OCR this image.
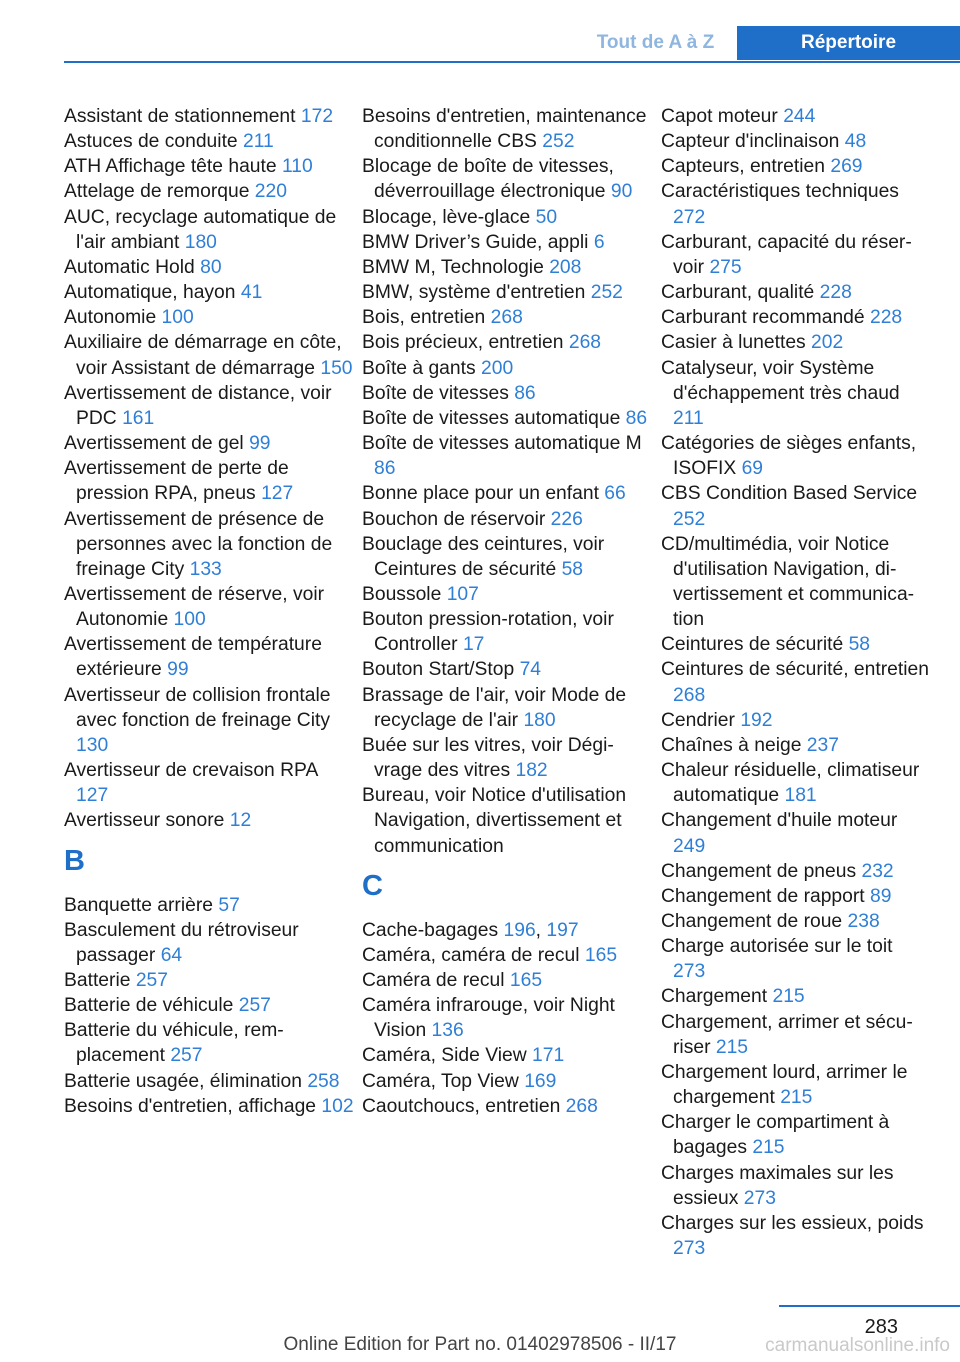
Tout de A à Z	Répertoire
Assistant de stationnement 172
Astuces de conduite 211
ATH Affichage tête haute 110
Attelage de remorque 220
AUC, recyclage automatique de l'air ambiant 180
Automatic Hold 80
Automatique, hayon 41
Autonomie 100
Auxiliaire de démarrage en côte, voir Assistant de démarrage 150
Avertissement de distance, voir PDC 161
Avertissement de gel 99
Avertissement de perte de pression RPA, pneus 127
Avertissement de présence de personnes avec la fonction de freinage City 133
Avertissement de réserve, voir Autonomie 100
Avertissement de température extérieure 99
Avertisseur de collision frontale avec fonction de freinage City 130
Avertisseur de crevaison RPA 127
Avertisseur sonore 12
B
Banquette arrière 57
Basculement du rétroviseur passager 64
Batterie 257
Batterie de véhicule 257
Batterie du véhicule, remplacement 257
Batterie usagée, élimination 258
Besoins d'entretien, affichage 102
Besoins d'entretien, maintenance conditionnelle CBS 252
Blocage de boîte de vitesses, déverrouillage électronique 90
Blocage, lève-glace 50
BMW Driver’s Guide, appli 6
BMW M, Technologie 208
BMW, système d'entretien 252
Bois, entretien 268
Bois précieux, entretien 268
Boîte à gants 200
Boîte de vitesses 86
Boîte de vitesses automatique 86
Boîte de vitesses automatique M 86
Bonne place pour un enfant 66
Bouchon de réservoir 226
Bouclage des ceintures, voir Ceintures de sécurité 58
Boussole 107
Bouton pression-rotation, voir Controller 17
Bouton Start/Stop 74
Brassage de l'air, voir Mode de recyclage de l'air 180
Buée sur les vitres, voir Dégivrage des vitres 182
Bureau, voir Notice d'utilisation Navigation, divertissement et communication
C
Cache-bagages 196, 197
Caméra, caméra de recul 165
Caméra de recul 165
Caméra infrarouge, voir Night Vision 136
Caméra, Side View 171
Caméra, Top View 169
Caoutchoucs, entretien 268
Capot moteur 244
Capteur d'inclinaison 48
Capteurs, entretien 269
Caractéristiques techniques 272
Carburant, capacité du réservoir 275
Carburant, qualité 228
Carburant recommandé 228
Casier à lunettes 202
Catalyseur, voir Système d'échappement très chaud 211
Catégories de sièges enfants, ISOFIX 69
CBS Condition Based Service 252
CD/multimédia, voir Notice d'utilisation Navigation, divertissement et communication
Ceintures de sécurité 58
Ceintures de sécurité, entretien 268
Cendrier 192
Chaînes à neige 237
Chaleur résiduelle, climatiseur automatique 181
Changement d'huile moteur 249
Changement de pneus 232
Changement de rapport 89
Changement de roue 238
Charge autorisée sur le toit 273
Chargement 215
Chargement, arrimer et sécuriser 215
Chargement lourd, arrimer le chargement 215
Charger le compartiment à bagages 215
Charges maximales sur les essieux 273
Charges sur les essieux, poids 273
283
Online Edition for Part no. 01402978506 - II/17	carmanualsonline.info
